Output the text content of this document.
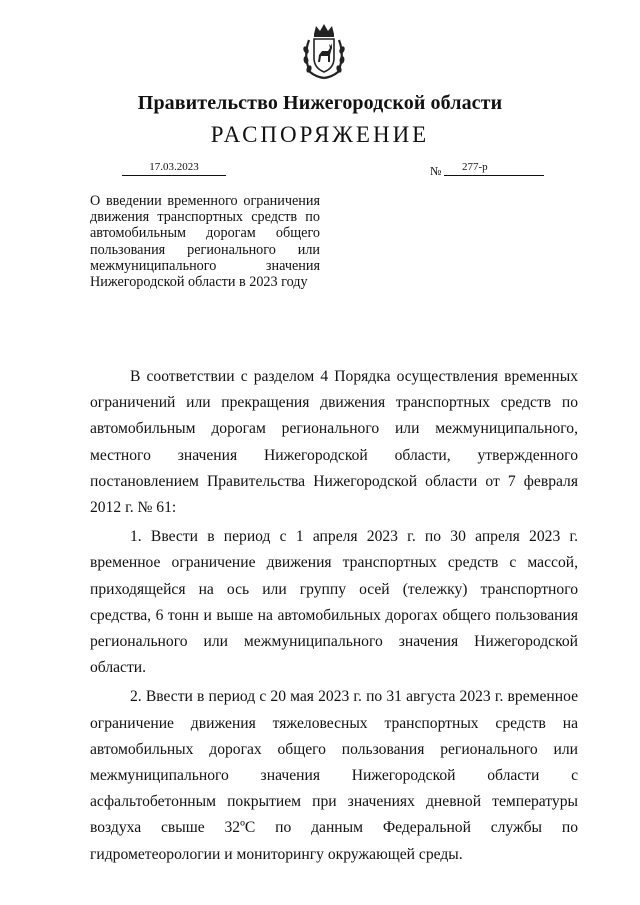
Правительство Нижегородской области
РАСПОРЯЖЕНИЕ
17.03.2023	№	277-р
О введении временного ограничения движения транспортных средств по автомобильным дорогам общего пользования регионального или межмуниципального значения Нижегородской области в 2023 году

В соответствии с разделом 4 Порядка осуществления временных ограничений или прекращения движения транспортных средств по автомобильным дорогам регионального или межмуниципального, местного значения Нижегородской области, утвержденного постановлением Правительства Нижегородской области от 7 февраля 2012 г. № 61:

1. Ввести в период с 1 апреля 2023 г. по 30 апреля 2023 г. временное ограничение движения транспортных средств с массой, приходящейся на ось или группу осей (тележку) транспортного средства, 6 тонн и выше на автомобильных дорогах общего пользования регионального или межмуниципального значения Нижегородской области.

2. Ввести в период с 20 мая 2023 г. по 31 августа 2023 г. временное ограничение движения тяжеловесных транспортных средств на автомобильных дорогах общего пользования регионального или межмуниципального значения Нижегородской области с асфальтобетонным покрытием при значениях дневной температуры воздуха свыше 32ºС по данным Федеральной службы по гидрометеорологии и мониторингу окружающей среды.
